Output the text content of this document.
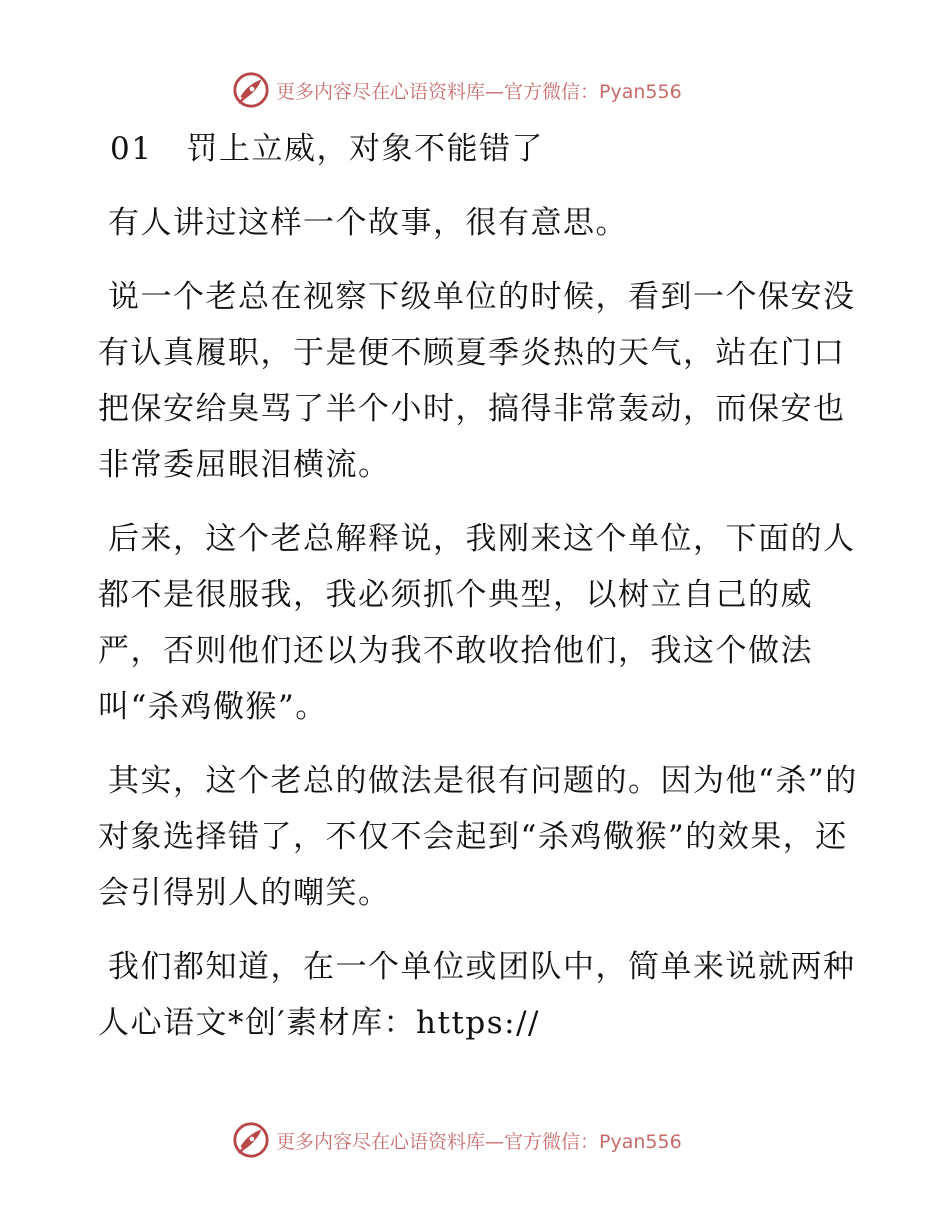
更多内容尽在心语资料库—官方微信：Pyan556
01 罚上立威，对象不能错了

有人讲过这样一个故事，很有意思。

说一个老总在视察下级单位的时候，看到一个保安没有认真履职，于是便不顾夏季炎热的天气，站在门口把保安给臭骂了半个小时，搞得非常轰动，而保安也非常委屈眼泪横流。

后来，这个老总解释说，我刚来这个单位，下面的人都不是很服我，我必须抓个典型，以树立自己的威严，否则他们还以为我不敢收拾他们，我这个做法叫“杀鸡儆猴”。

其实，这个老总的做法是很有问题的。因为他“杀”的对象选择错了，不仅不会起到“杀鸡儆猴”的效果，还会引得别人的嘲笑。

我们都知道，在一个单位或团队中，简单来说就两种人心语文*创′素材库：https://

更多内容尽在心语资料库—官方微信：Pyan556
